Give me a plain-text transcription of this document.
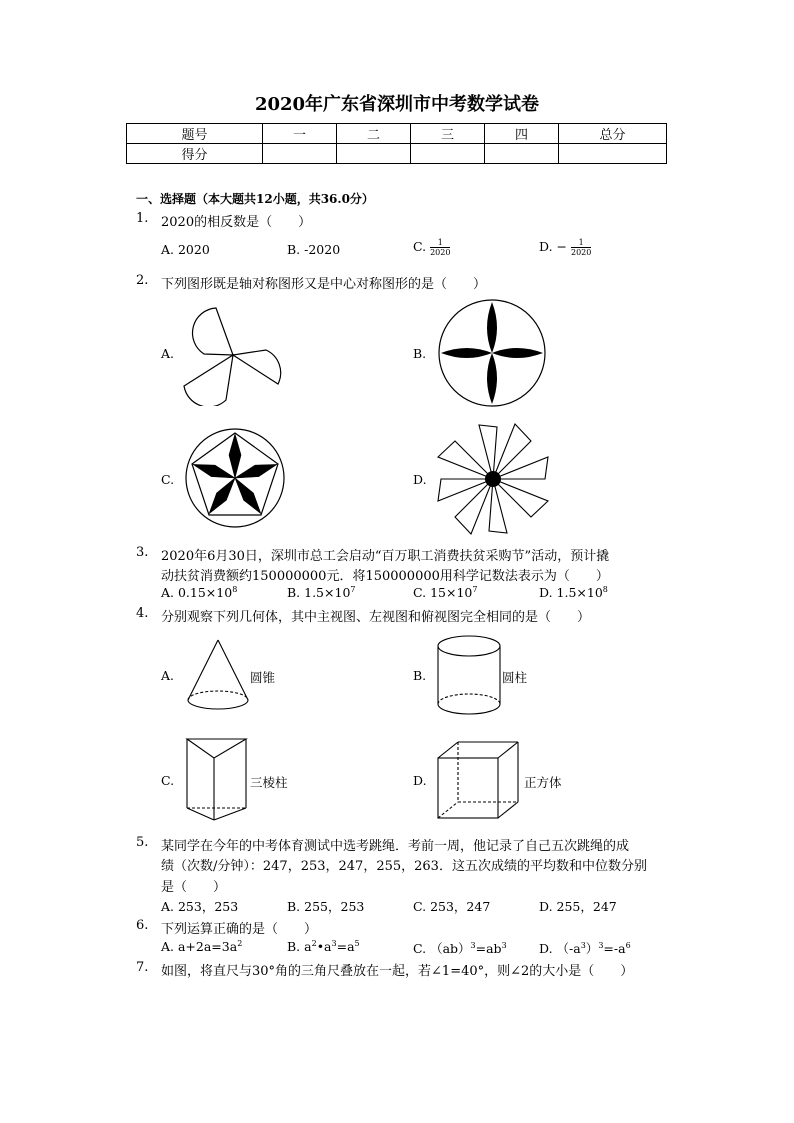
2020年广东省深圳市中考数学试卷
题号	一	二	三	四	总分
得分					
一、选择题（本大题共12小题，共36.0分）
1. 2020的相反数是（　　）
A. 2020	B. -2020	C. $\frac{1}{2020}$	D. − $\frac{1}{2020}$
2. 下列图形既是轴对称图形又是中心对称图形的是（　　）
A.	B.
C.	D.
3. 2020年6月30日，深圳市总工会启动“百万职工消费扶贫采购节”活动，预计撬
动扶贫消费额约150000000元．将150000000用科学记数法表示为（　　）
A. $0.15\times 10^8$	B. $1.5\times 10^7$	C. $15\times 10^7$	D. $1.5\times 10^8$
4. 分别观察下列几何体，其中主视图、左视图和俯视图完全相同的是（　　）
A.	圆锥	B.	圆柱
C.	三棱柱	D.	正方体
5. 某同学在今年的中考体育测试中选考跳绳．考前一周，他记录了自己五次跳绳的成
绩（次数/分钟）：247，253，247，255，263．这五次成绩的平均数和中位数分别
是（　　）
A. 253，253	B. 255，253	C. 253，247	D. 255，247
6. 下列运算正确的是（　　）
A. $a+2a=3a^2$	B. $a^2•a^3=a^5$	C. $(ab)^3=ab^3$	D. $(-a^3)^3=-a^6$
7. 如图，将直尺与30°角的三角尺叠放在一起，若∠1=40°，则∠2的大小是（　　）
